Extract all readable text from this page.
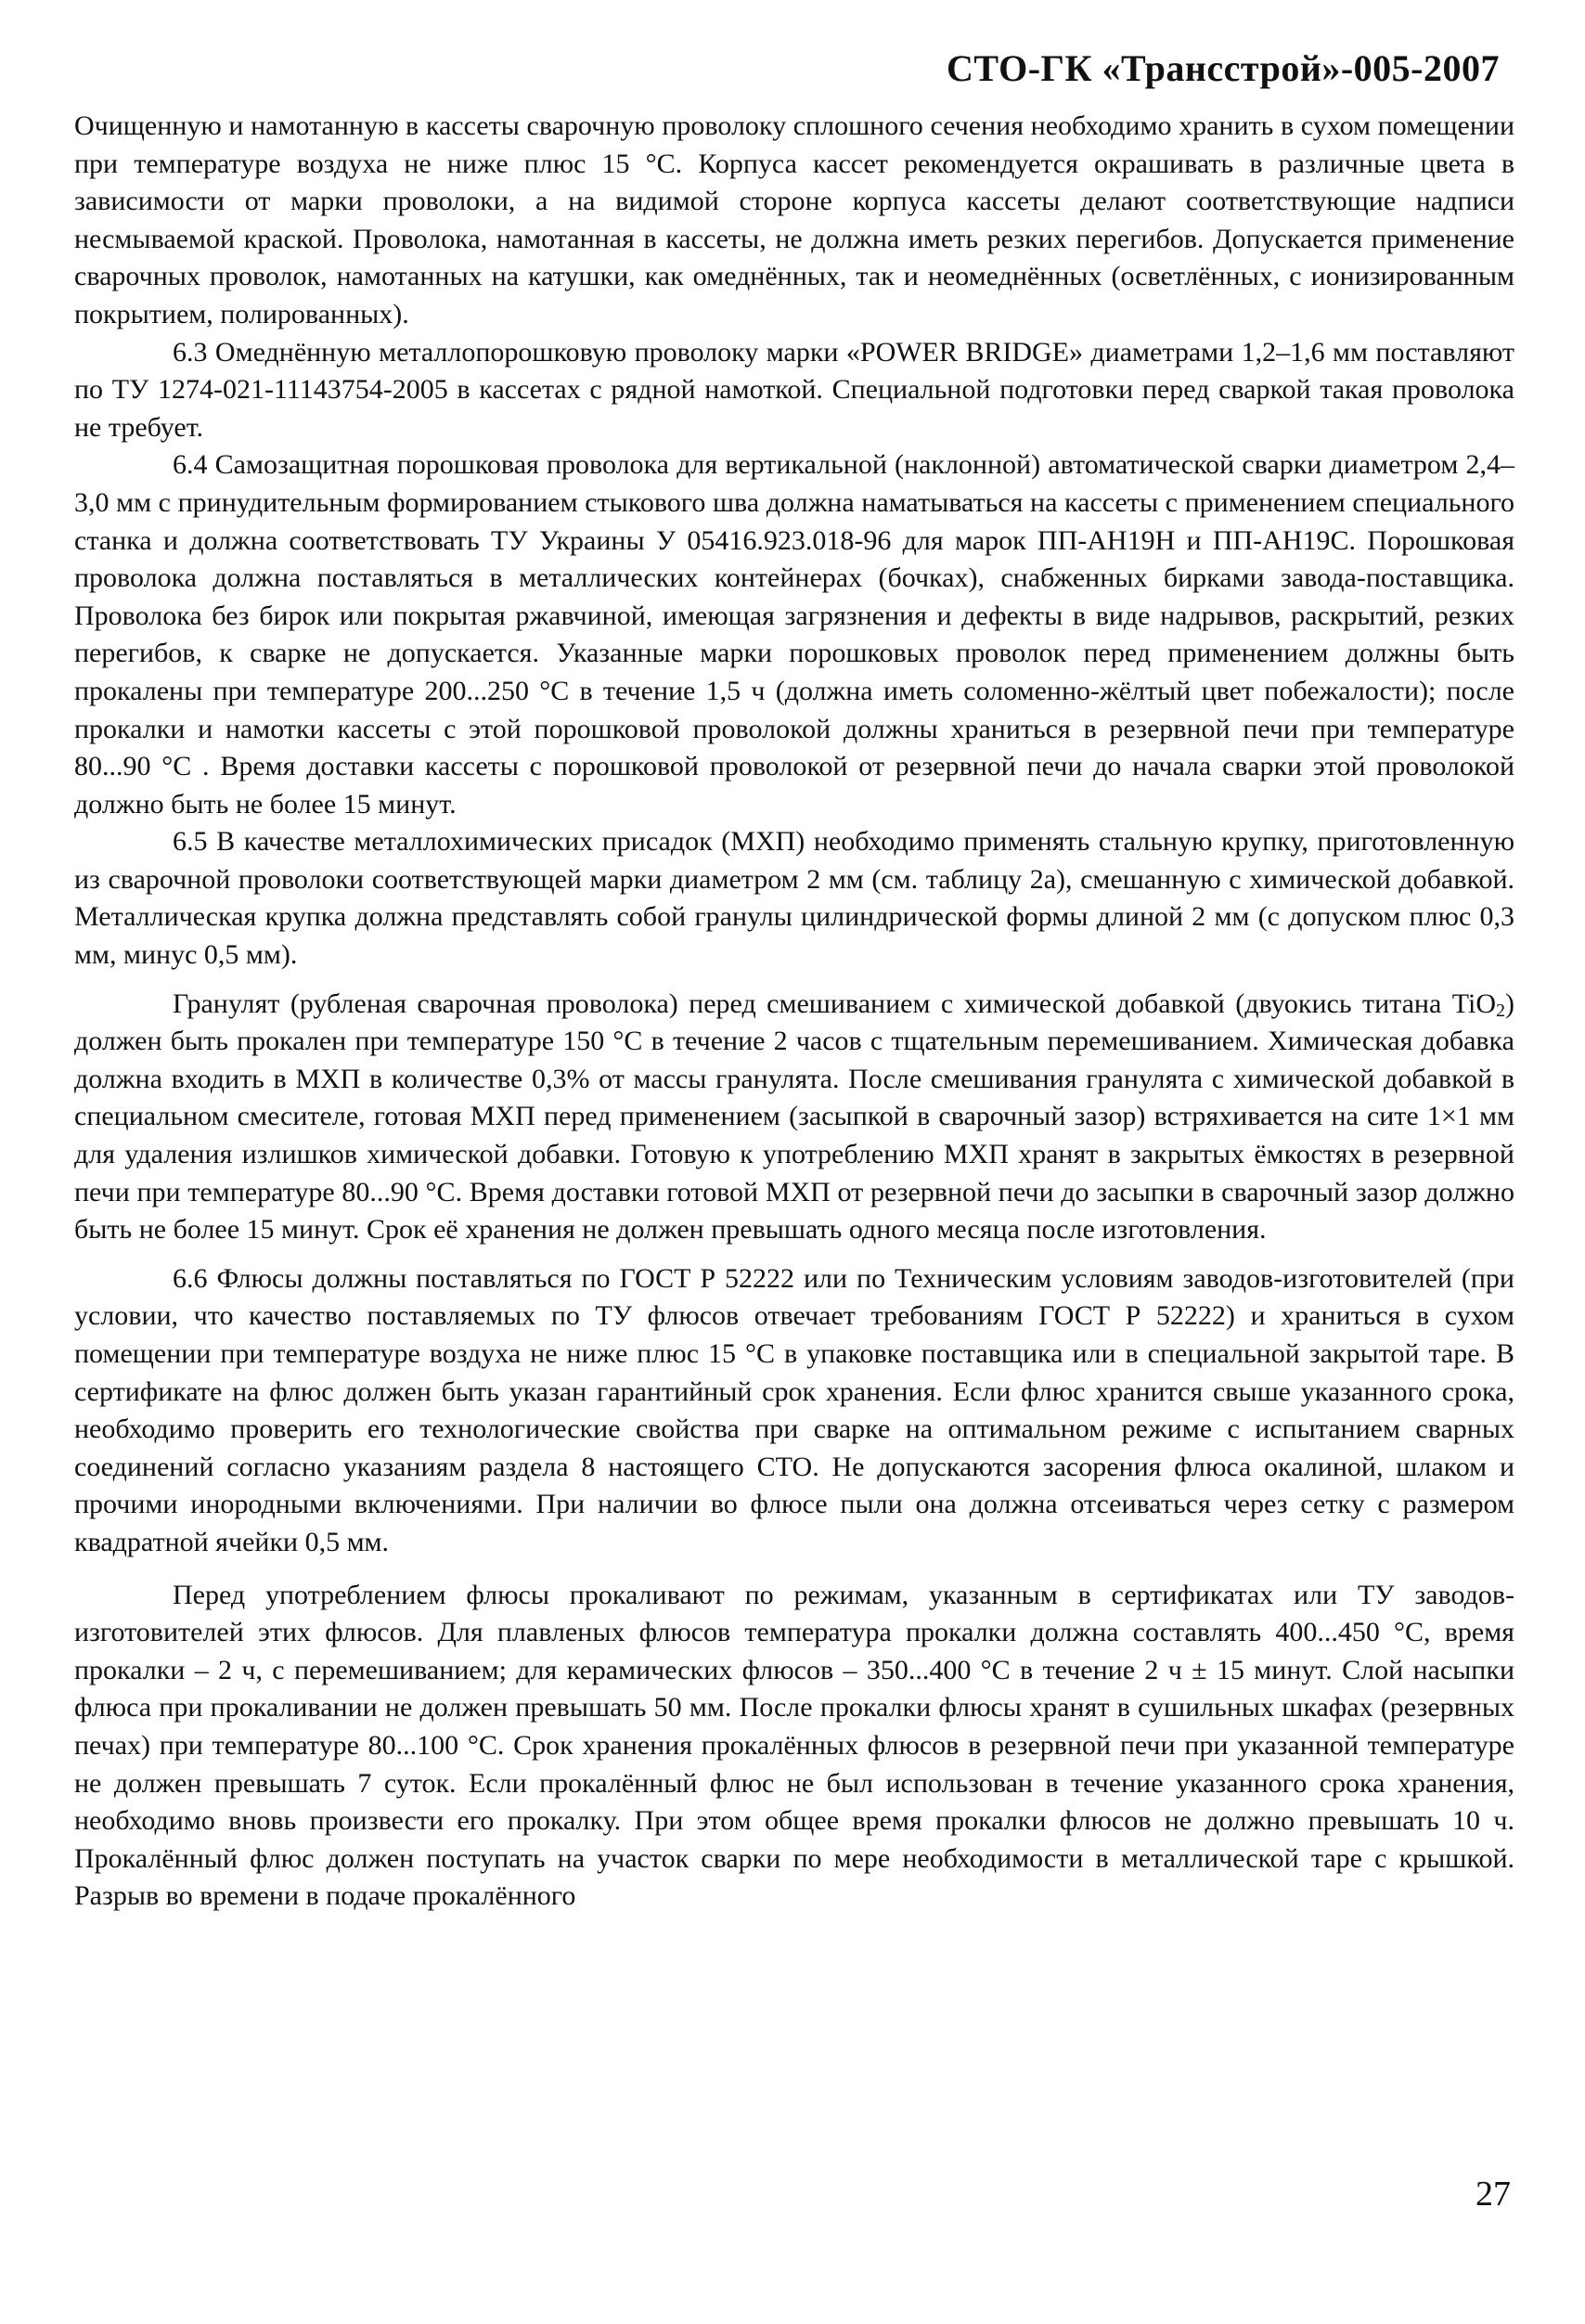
СТО-ГК «Трансстрой»-005-2007

Очищенную и намотанную в кассеты сварочную проволоку сплошного сечения необходимо хранить в сухом помещении при температуре воздуха не ниже плюс 15 °С. Корпуса кассет рекомендуется окрашивать в различные цвета в зависимости от марки проволоки, а на видимой стороне корпуса кассеты делают соответствующие надписи несмываемой краской. Проволока, намотанная в кассеты, не должна иметь резких перегибов. Допускается применение сварочных проволок, намотанных на катушки, как омеднённых, так и неомеднённых (осветлённых, с ионизированным покрытием, полированных).

6.3 Омеднённую металлопорошковую проволоку марки «POWER BRIDGE» диаметрами 1,2–1,6 мм поставляют по ТУ 1274-021-11143754-2005 в кассетах с рядной намоткой. Специальной подготовки перед сваркой такая проволока не требует.

6.4 Самозащитная порошковая проволока для вертикальной (наклонной) автоматической сварки диаметром 2,4–3,0 мм с принудительным формированием стыкового шва должна наматываться на кассеты с применением специального станка и должна соответствовать ТУ Украины У 05416.923.018-96 для марок ПП-АН19Н и ПП-АН19С. Порошковая проволока должна поставляться в металлических контейнерах (бочках), снабженных бирками завода-поставщика. Проволока без бирок или покрытая ржавчиной, имеющая загрязнения и дефекты в виде надрывов, раскрытий, резких перегибов, к сварке не допускается. Указанные марки порошковых проволок перед применением должны быть прокалены при температуре 200...250 °С в течение 1,5 ч (должна иметь соломенно-жёлтый цвет побежалости); после прокалки и намотки кассеты с этой порошковой проволокой должны храниться в резервной печи при температуре 80...90 °С . Время доставки кассеты с порошковой проволокой от резервной печи до начала сварки этой проволокой должно быть не более 15 минут.

6.5 В качестве металлохимических присадок (МХП) необходимо применять стальную крупку, приготовленную из сварочной проволоки соответствующей марки диаметром 2 мм (см. таблицу 2а), смешанную с химической добавкой. Металлическая крупка должна представлять собой гранулы цилиндрической формы длиной 2 мм (с допуском плюс 0,3 мм, минус 0,5 мм).

Гранулят (рубленая сварочная проволока) перед смешиванием с химической добавкой (двуокись титана TiO$_2$) должен быть прокален при температуре 150 °С в течение 2 часов с тщательным перемешиванием. Химическая добавка должна входить в МХП в количестве 0,3% от массы гранулята. После смешивания гранулята с химической добавкой в специальном смесителе, готовая МХП перед применением (засыпкой в сварочный зазор) встряхивается на сите 1×1 мм для удаления излишков химической добавки. Готовую к употреблению МХП хранят в закрытых ёмкостях в резервной печи при температуре 80...90 °С. Время доставки готовой МХП от резервной печи до засыпки в сварочный зазор должно быть не более 15 минут. Срок её хранения не должен превышать одного месяца после изготовления.

6.6 Флюсы должны поставляться по ГОСТ Р 52222 или по Техническим условиям заводов-изготовителей (при условии, что качество поставляемых по ТУ флюсов отвечает требованиям ГОСТ Р 52222) и храниться в сухом помещении при температуре воздуха не ниже плюс 15 °С в упаковке поставщика или в специальной закрытой таре. В сертификате на флюс должен быть указан гарантийный срок хранения. Если флюс хранится свыше указанного срока, необходимо проверить его технологические свойства при сварке на оптимальном режиме с испытанием сварных соединений согласно указаниям раздела 8 настоящего СТО. Не допускаются засорения флюса окалиной, шлаком и прочими инородными включениями. При наличии во флюсе пыли она должна отсеиваться через сетку с размером квадратной ячейки 0,5 мм.

Перед употреблением флюсы прокаливают по режимам, указанным в сертификатах или ТУ заводов-изготовителей этих флюсов. Для плавленых флюсов температура прокалки должна составлять 400...450 °С, время прокалки – 2 ч, с перемешиванием; для керамических флюсов – 350...400 °С в течение 2 ч ± 15 минут. Слой насыпки флюса при прокаливании не должен превышать 50 мм. После прокалки флюсы хранят в сушильных шкафах (резервных печах) при температуре 80...100 °С. Срок хранения прокалённых флюсов в резервной печи при указанной температуре не должен превышать 7 суток. Если прокалённый флюс не был использован в течение указанного срока хранения, необходимо вновь произвести его прокалку. При этом общее время прокалки флюсов не должно превышать 10 ч. Прокалённый флюс должен поступать на участок сварки по мере необходимости в металлической таре с крышкой. Разрыв во времени в подаче прокалённого

27
